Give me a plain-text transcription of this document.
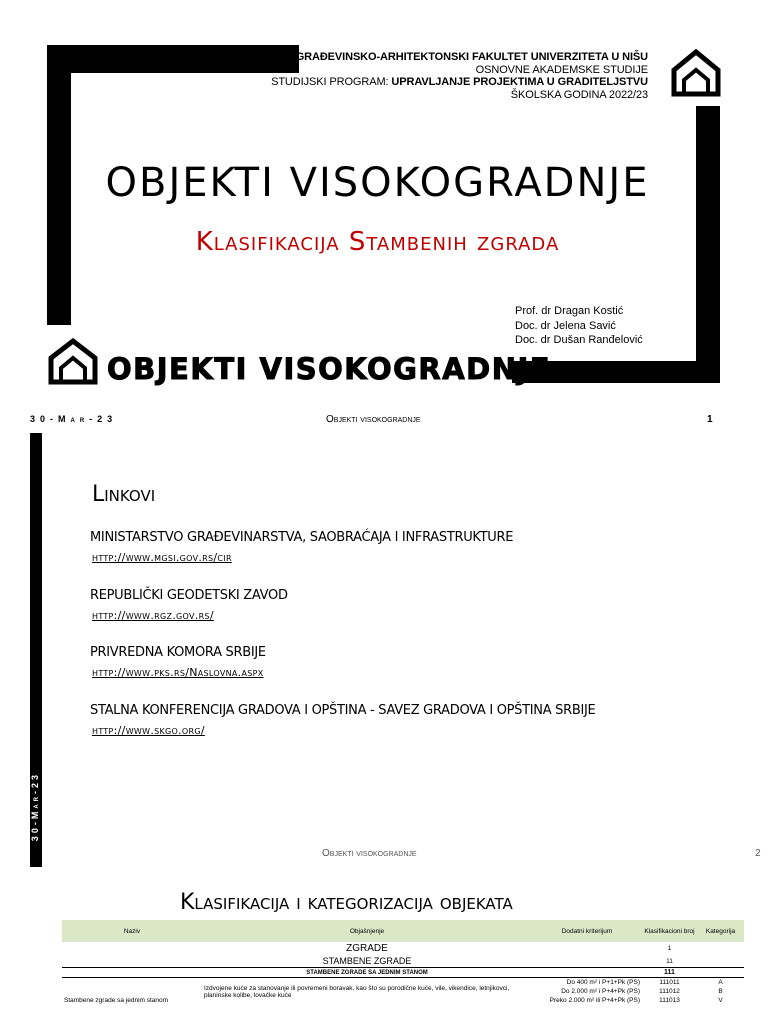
GRAĐEVINSKO-ARHITEKTONSKI FAKULTET UNIVERZITETA U NIŠU
OSNOVNE AKADEMSKE STUDIJE
STUDIJSKI PROGRAM: UPRAVLJANJE PROJEKTIMA U GRADITELJSTVU
ŠKOLSKA GODINA 2022/23
OBJEKTI VISOKOGRADNJE
Klasifikacija Stambenih zgrada
Prof. dr Dragan Kostić
Doc. dr Jelena Savić
Doc. dr Dušan Ranđelović
OBJEKTI VISOKOGRADNJE
30-Mar-23	Objekti visokogradnje	1
30-Mar-23
Linkovi
MINISTARSTVO GRAĐEVINARSTVA, SAOBRAĆAJA I INFRASTRUKTURE
http://www.mgsi.gov.rs/cir
REPUBLIČKI GEODETSKI ZAVOD
http://www.rgz.gov.rs/
PRIVREDNA KOMORA SRBIJE
http://www.pks.rs/Naslovna.aspx
STALNA KONFERENCIJA GRADOVA I OPŠTINA - SAVEZ GRADOVA I OPŠTINA SRBIJE
http://www.skgo.org/
Objekti visokogradnje	2
Klasifikacija i kategorizacija objekata
Naziv	Objašnjenje	Dodatni kriterijum	Klasifikacioni broj	Kategorija
	ZGRADE		1	
	STAMBENE ZGRADE		11	
	STAMBENE ZGRADE SA JEDNIM STANOM		111	
Stambene zgrade sa jednim stanom	Izdvojene kuće za stanovanje ili povremeni boravak, kao što su porodične kuće, vile, vikendice, letnjikovci, planinske kolibe, lovačke kuće	Do 400 m² i P+1+Pk (PS)	111011	A
		Do 2.000 m² i P+4+Pk (PS)	111012	B
		Preko 2.000 m² ili P+4+Pk (PS)	111013	V
